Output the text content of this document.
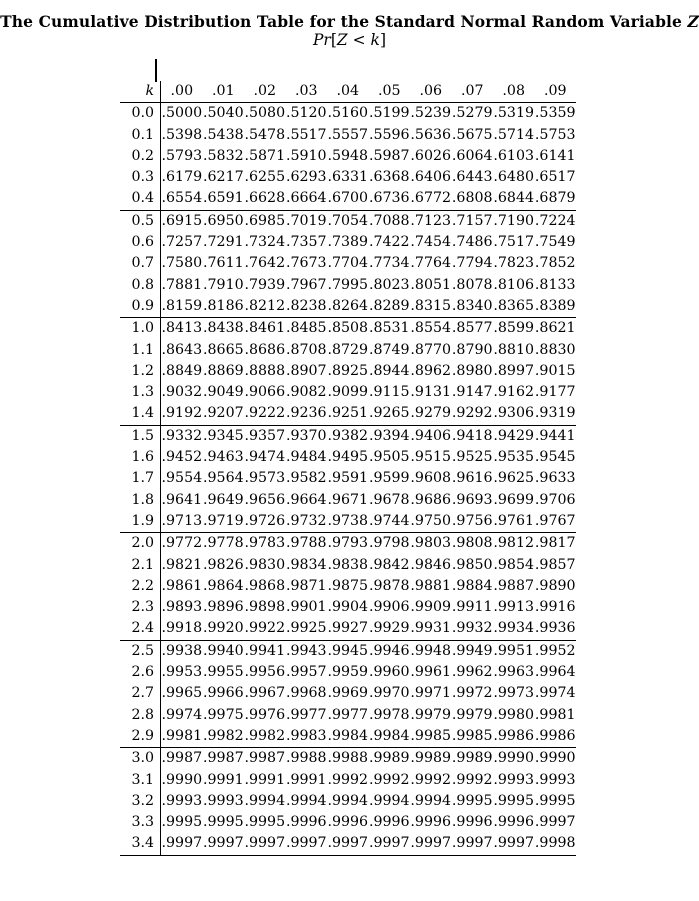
The Cumulative Distribution Table for the Standard Normal Random Variable Z
Pr[Z < k]
k	.00	.01	.02	.03	.04	.05	.06	.07	.08	.09
0.0	.5000	.5040	.5080	.5120	.5160	.5199	.5239	.5279	.5319	.5359
0.1	.5398	.5438	.5478	.5517	.5557	.5596	.5636	.5675	.5714	.5753
0.2	.5793	.5832	.5871	.5910	.5948	.5987	.6026	.6064	.6103	.6141
0.3	.6179	.6217	.6255	.6293	.6331	.6368	.6406	.6443	.6480	.6517
0.4	.6554	.6591	.6628	.6664	.6700	.6736	.6772	.6808	.6844	.6879
0.5	.6915	.6950	.6985	.7019	.7054	.7088	.7123	.7157	.7190	.7224
0.6	.7257	.7291	.7324	.7357	.7389	.7422	.7454	.7486	.7517	.7549
0.7	.7580	.7611	.7642	.7673	.7704	.7734	.7764	.7794	.7823	.7852
0.8	.7881	.7910	.7939	.7967	.7995	.8023	.8051	.8078	.8106	.8133
0.9	.8159	.8186	.8212	.8238	.8264	.8289	.8315	.8340	.8365	.8389
1.0	.8413	.8438	.8461	.8485	.8508	.8531	.8554	.8577	.8599	.8621
1.1	.8643	.8665	.8686	.8708	.8729	.8749	.8770	.8790	.8810	.8830
1.2	.8849	.8869	.8888	.8907	.8925	.8944	.8962	.8980	.8997	.9015
1.3	.9032	.9049	.9066	.9082	.9099	.9115	.9131	.9147	.9162	.9177
1.4	.9192	.9207	.9222	.9236	.9251	.9265	.9279	.9292	.9306	.9319
1.5	.9332	.9345	.9357	.9370	.9382	.9394	.9406	.9418	.9429	.9441
1.6	.9452	.9463	.9474	.9484	.9495	.9505	.9515	.9525	.9535	.9545
1.7	.9554	.9564	.9573	.9582	.9591	.9599	.9608	.9616	.9625	.9633
1.8	.9641	.9649	.9656	.9664	.9671	.9678	.9686	.9693	.9699	.9706
1.9	.9713	.9719	.9726	.9732	.9738	.9744	.9750	.9756	.9761	.9767
2.0	.9772	.9778	.9783	.9788	.9793	.9798	.9803	.9808	.9812	.9817
2.1	.9821	.9826	.9830	.9834	.9838	.9842	.9846	.9850	.9854	.9857
2.2	.9861	.9864	.9868	.9871	.9875	.9878	.9881	.9884	.9887	.9890
2.3	.9893	.9896	.9898	.9901	.9904	.9906	.9909	.9911	.9913	.9916
2.4	.9918	.9920	.9922	.9925	.9927	.9929	.9931	.9932	.9934	.9936
2.5	.9938	.9940	.9941	.9943	.9945	.9946	.9948	.9949	.9951	.9952
2.6	.9953	.9955	.9956	.9957	.9959	.9960	.9961	.9962	.9963	.9964
2.7	.9965	.9966	.9967	.9968	.9969	.9970	.9971	.9972	.9973	.9974
2.8	.9974	.9975	.9976	.9977	.9977	.9978	.9979	.9979	.9980	.9981
2.9	.9981	.9982	.9982	.9983	.9984	.9984	.9985	.9985	.9986	.9986
3.0	.9987	.9987	.9987	.9988	.9988	.9989	.9989	.9989	.9990	.9990
3.1	.9990	.9991	.9991	.9991	.9992	.9992	.9992	.9992	.9993	.9993
3.2	.9993	.9993	.9994	.9994	.9994	.9994	.9994	.9995	.9995	.9995
3.3	.9995	.9995	.9995	.9996	.9996	.9996	.9996	.9996	.9996	.9997
3.4	.9997	.9997	.9997	.9997	.9997	.9997	.9997	.9997	.9997	.9998
